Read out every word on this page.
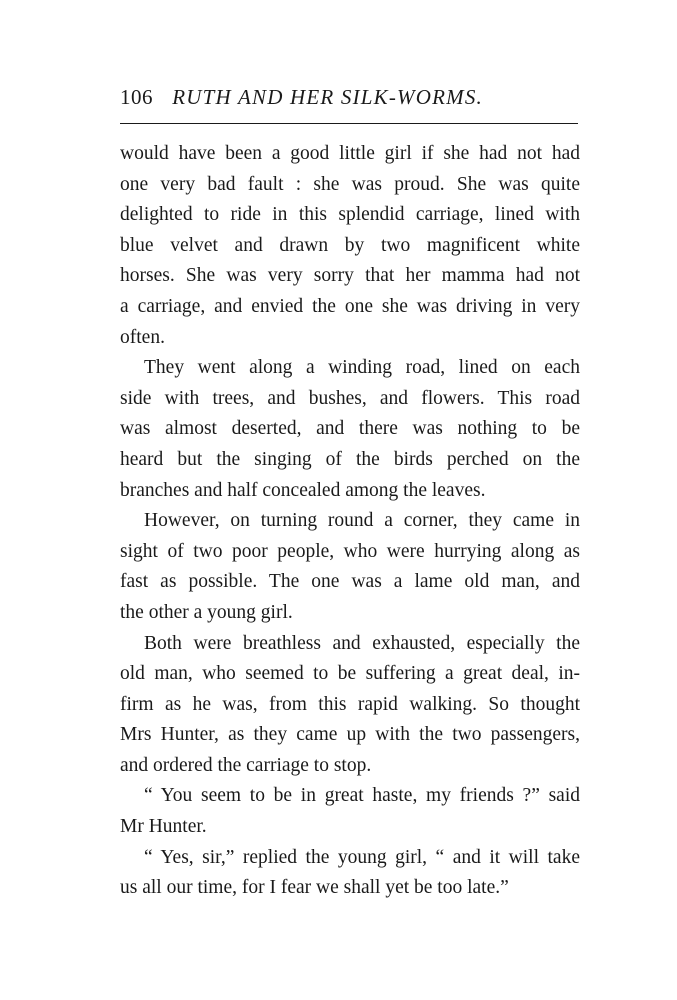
106 RUTH AND HER SILK-WORMS.
would have been a good little girl if she had not had
one very bad fault : she was proud. She was quite
delighted to ride in this splendid carriage, lined with
blue velvet and drawn by two magnificent white
horses. She was very sorry that her mamma had not
a carriage, and envied the one she was driving in very
often.
They went along a winding road, lined on each
side with trees, and bushes, and flowers. This road
was almost deserted, and there was nothing to be
heard but the singing of the birds perched on the
branches and half concealed among the leaves.
However, on turning round a corner, they came in
sight of two poor people, who were hurrying along as
fast as possible. The one was a lame old man, and
the other a young girl.
Both were breathless and exhausted, especially the
old man, who seemed to be suffering a great deal, in-
firm as he was, from this rapid walking. So thought
Mrs Hunter, as they came up with the two passengers,
and ordered the carriage to stop.
“ You seem to be in great haste, my friends ?” said
Mr Hunter.
“ Yes, sir,” replied the young girl, “ and it will take
us all our time, for I fear we shall yet be too late.”
